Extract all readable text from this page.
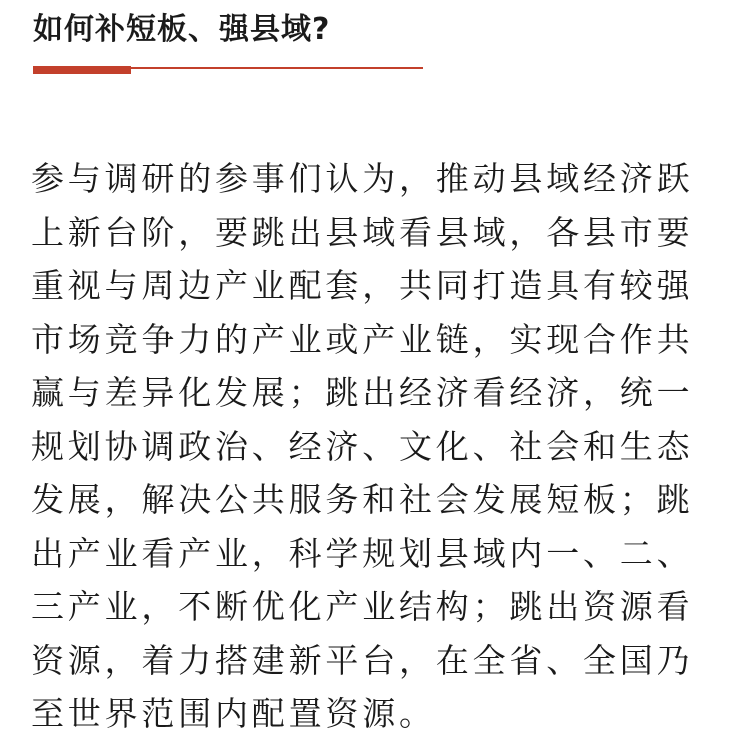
如何补短板、强县域?

参与调研的参事们认为，推动县域经济跃上新台阶，要跳出县域看县域，各县市要重视与周边产业配套，共同打造具有较强市场竞争力的产业或产业链，实现合作共赢与差异化发展；跳出经济看经济，统一规划协调政治、经济、文化、社会和生态发展，解决公共服务和社会发展短板；跳出产业看产业，科学规划县域内一、二、三产业，不断优化产业结构；跳出资源看资源，着力搭建新平台，在全省、全国乃至世界范围内配置资源。
